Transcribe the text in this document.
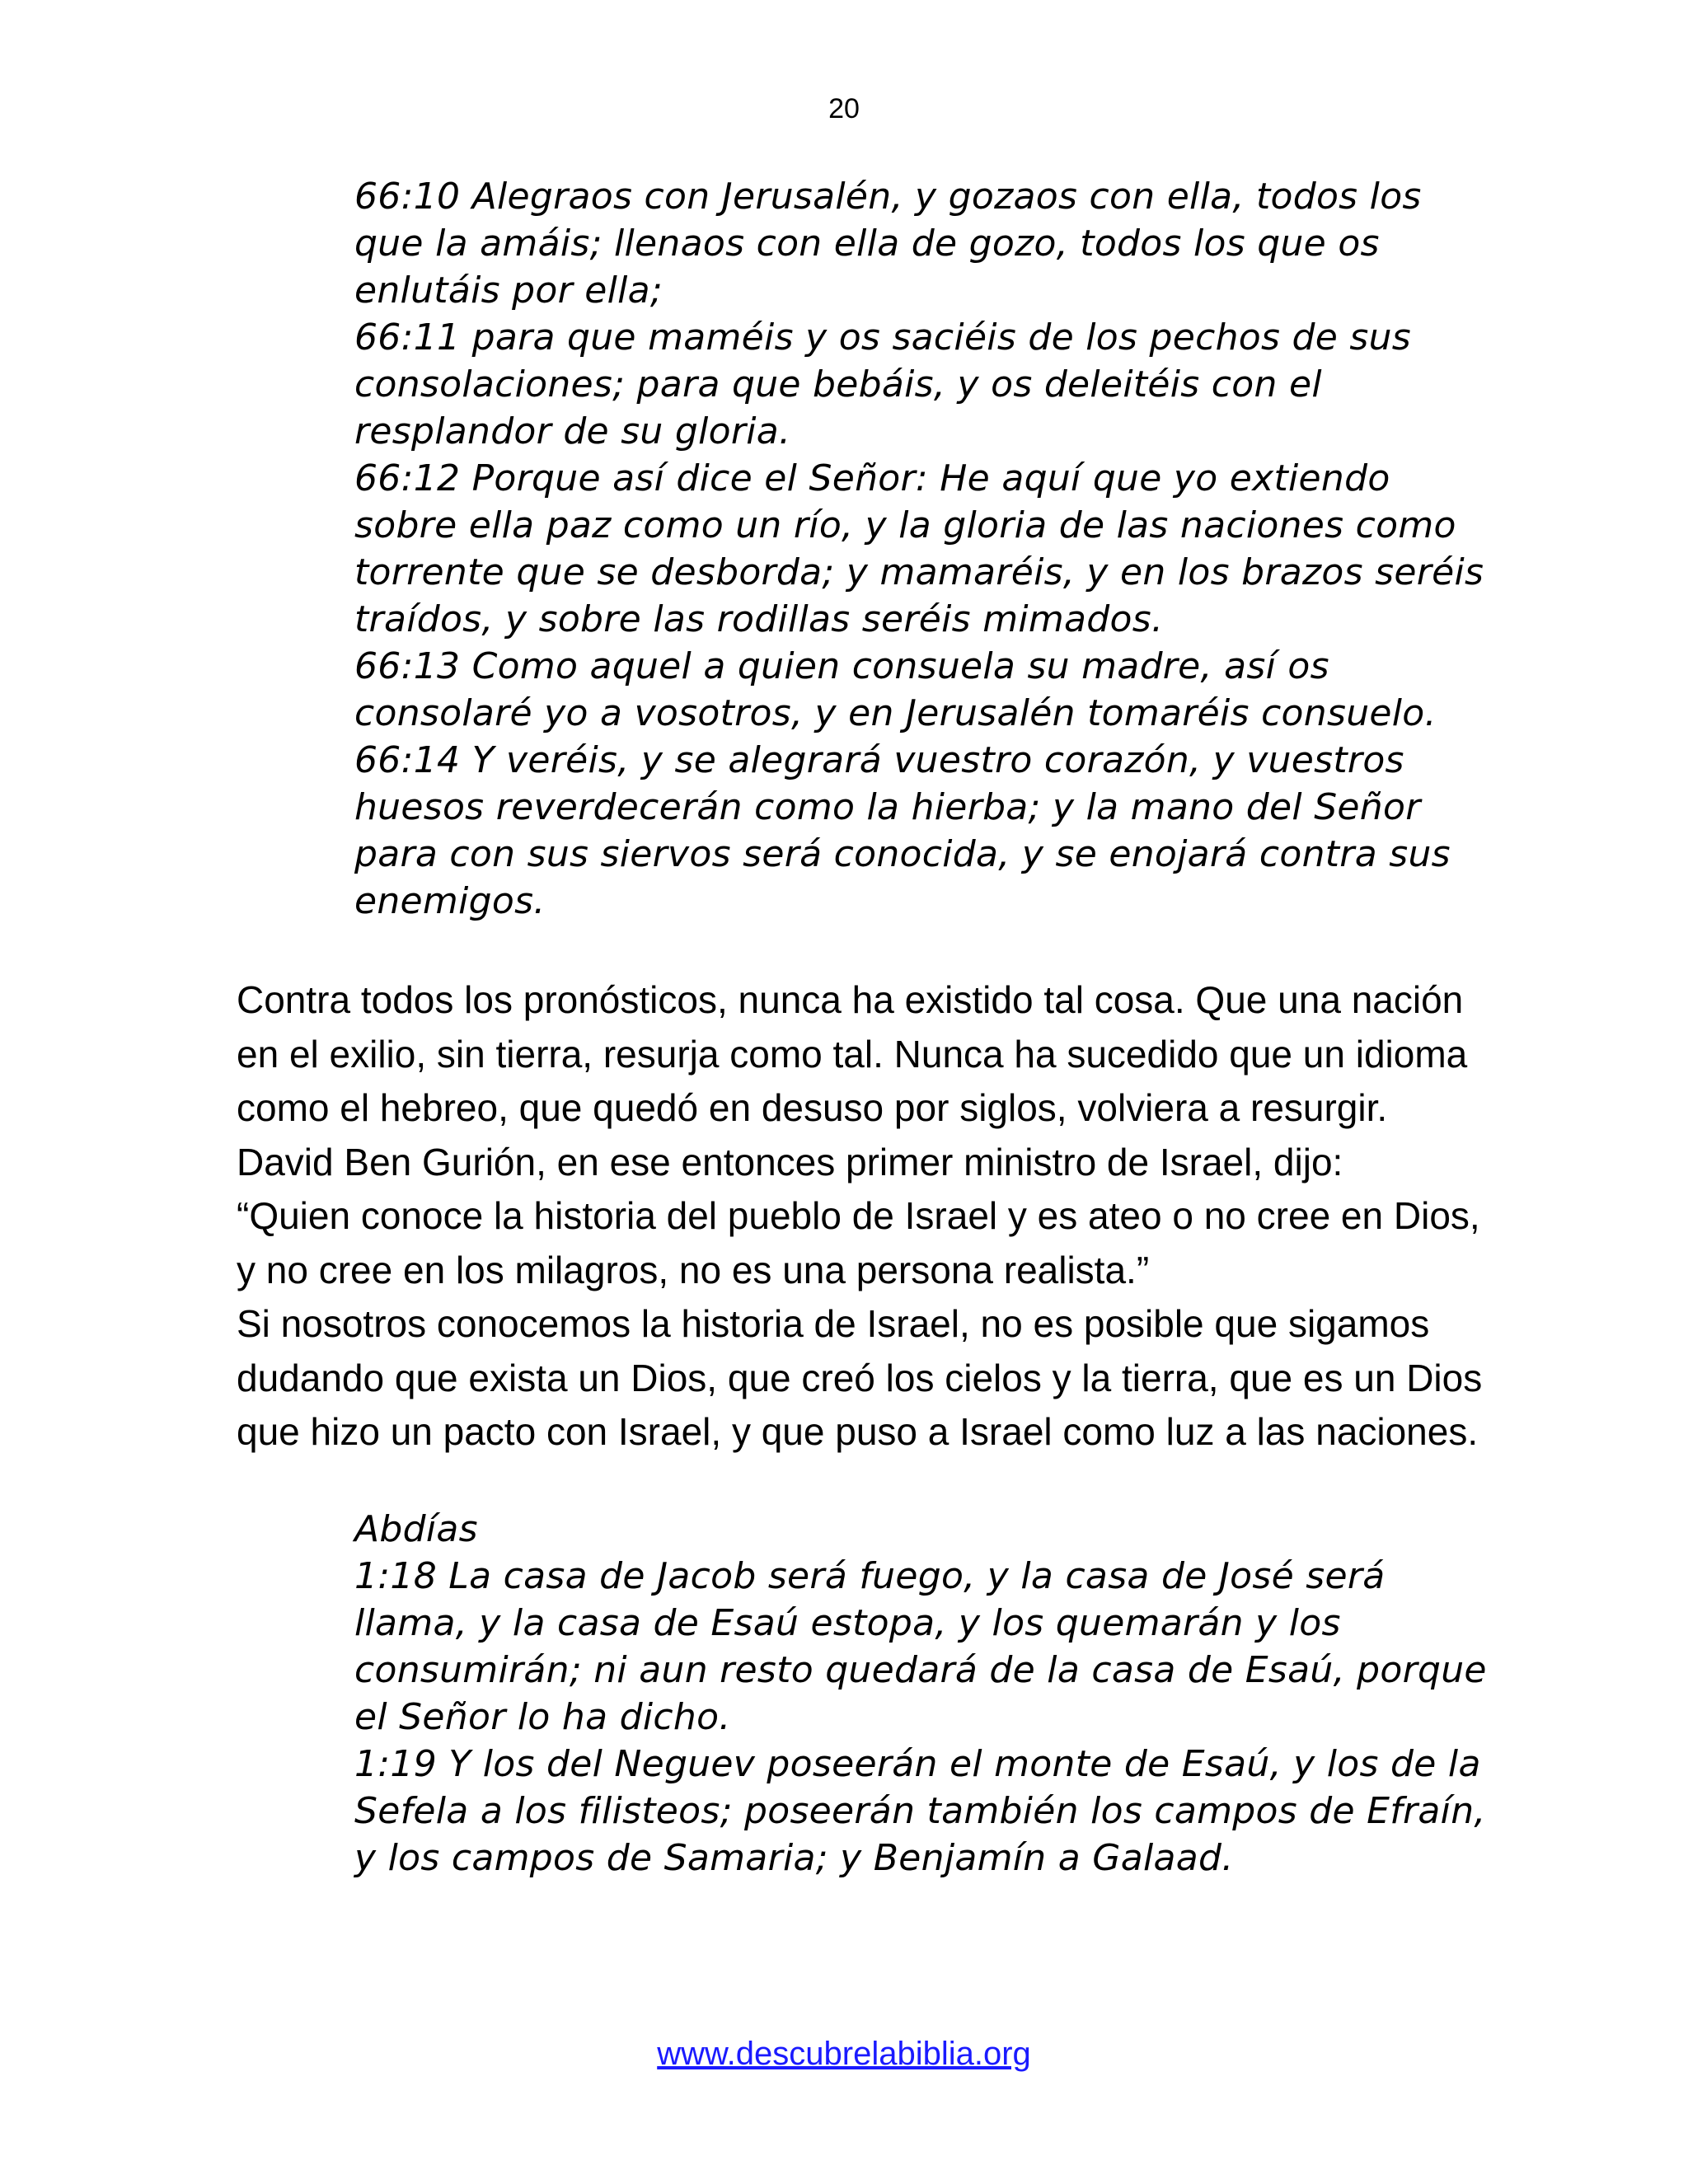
20
66:10 Alegraos con Jerusalén, y gozaos con ella, todos los
que la amáis; llenaos con ella de gozo, todos los que os
enlutáis por ella;
66:11 para que maméis y os saciéis de los pechos de sus
consolaciones; para que bebáis, y os deleitéis con el
resplandor de su gloria.
66:12 Porque así dice el Señor: He aquí que yo extiendo
sobre ella paz como un río, y la gloria de las naciones como
torrente que se desborda; y mamaréis, y en los brazos seréis
traídos, y sobre las rodillas seréis mimados.
66:13 Como aquel a quien consuela su madre, así os
consolaré yo a vosotros, y en Jerusalén tomaréis consuelo.
66:14 Y veréis, y se alegrará vuestro corazón, y vuestros
huesos reverdecerán como la hierba; y la mano del Señor
para con sus siervos será conocida, y se enojará contra sus
enemigos.
Contra todos los pronósticos, nunca ha existido tal cosa. Que una nación
en el exilio, sin tierra, resurja como tal. Nunca ha sucedido que un idioma
como el hebreo, que quedó en desuso por siglos, volviera a resurgir.
David Ben Gurión, en ese entonces primer ministro de Israel, dijo:
“Quien conoce la historia del pueblo de Israel y es ateo o no cree en Dios,
y no cree en los milagros, no es una persona realista.”
Si nosotros conocemos la historia de Israel, no es posible que sigamos
dudando que exista un Dios, que creó los cielos y la tierra, que es un Dios
que hizo un pacto con Israel, y que puso a Israel como luz a las naciones.
Abdías
1:18 La casa de Jacob será fuego, y la casa de José será
llama, y la casa de Esaú estopa, y los quemarán y los
consumirán; ni aun resto quedará de la casa de Esaú, porque
el Señor lo ha dicho.
1:19 Y los del Neguev poseerán el monte de Esaú, y los de la
Sefela a los filisteos; poseerán también los campos de Efraín,
y los campos de Samaria; y Benjamín a Galaad.
www.descubrelabiblia.org
